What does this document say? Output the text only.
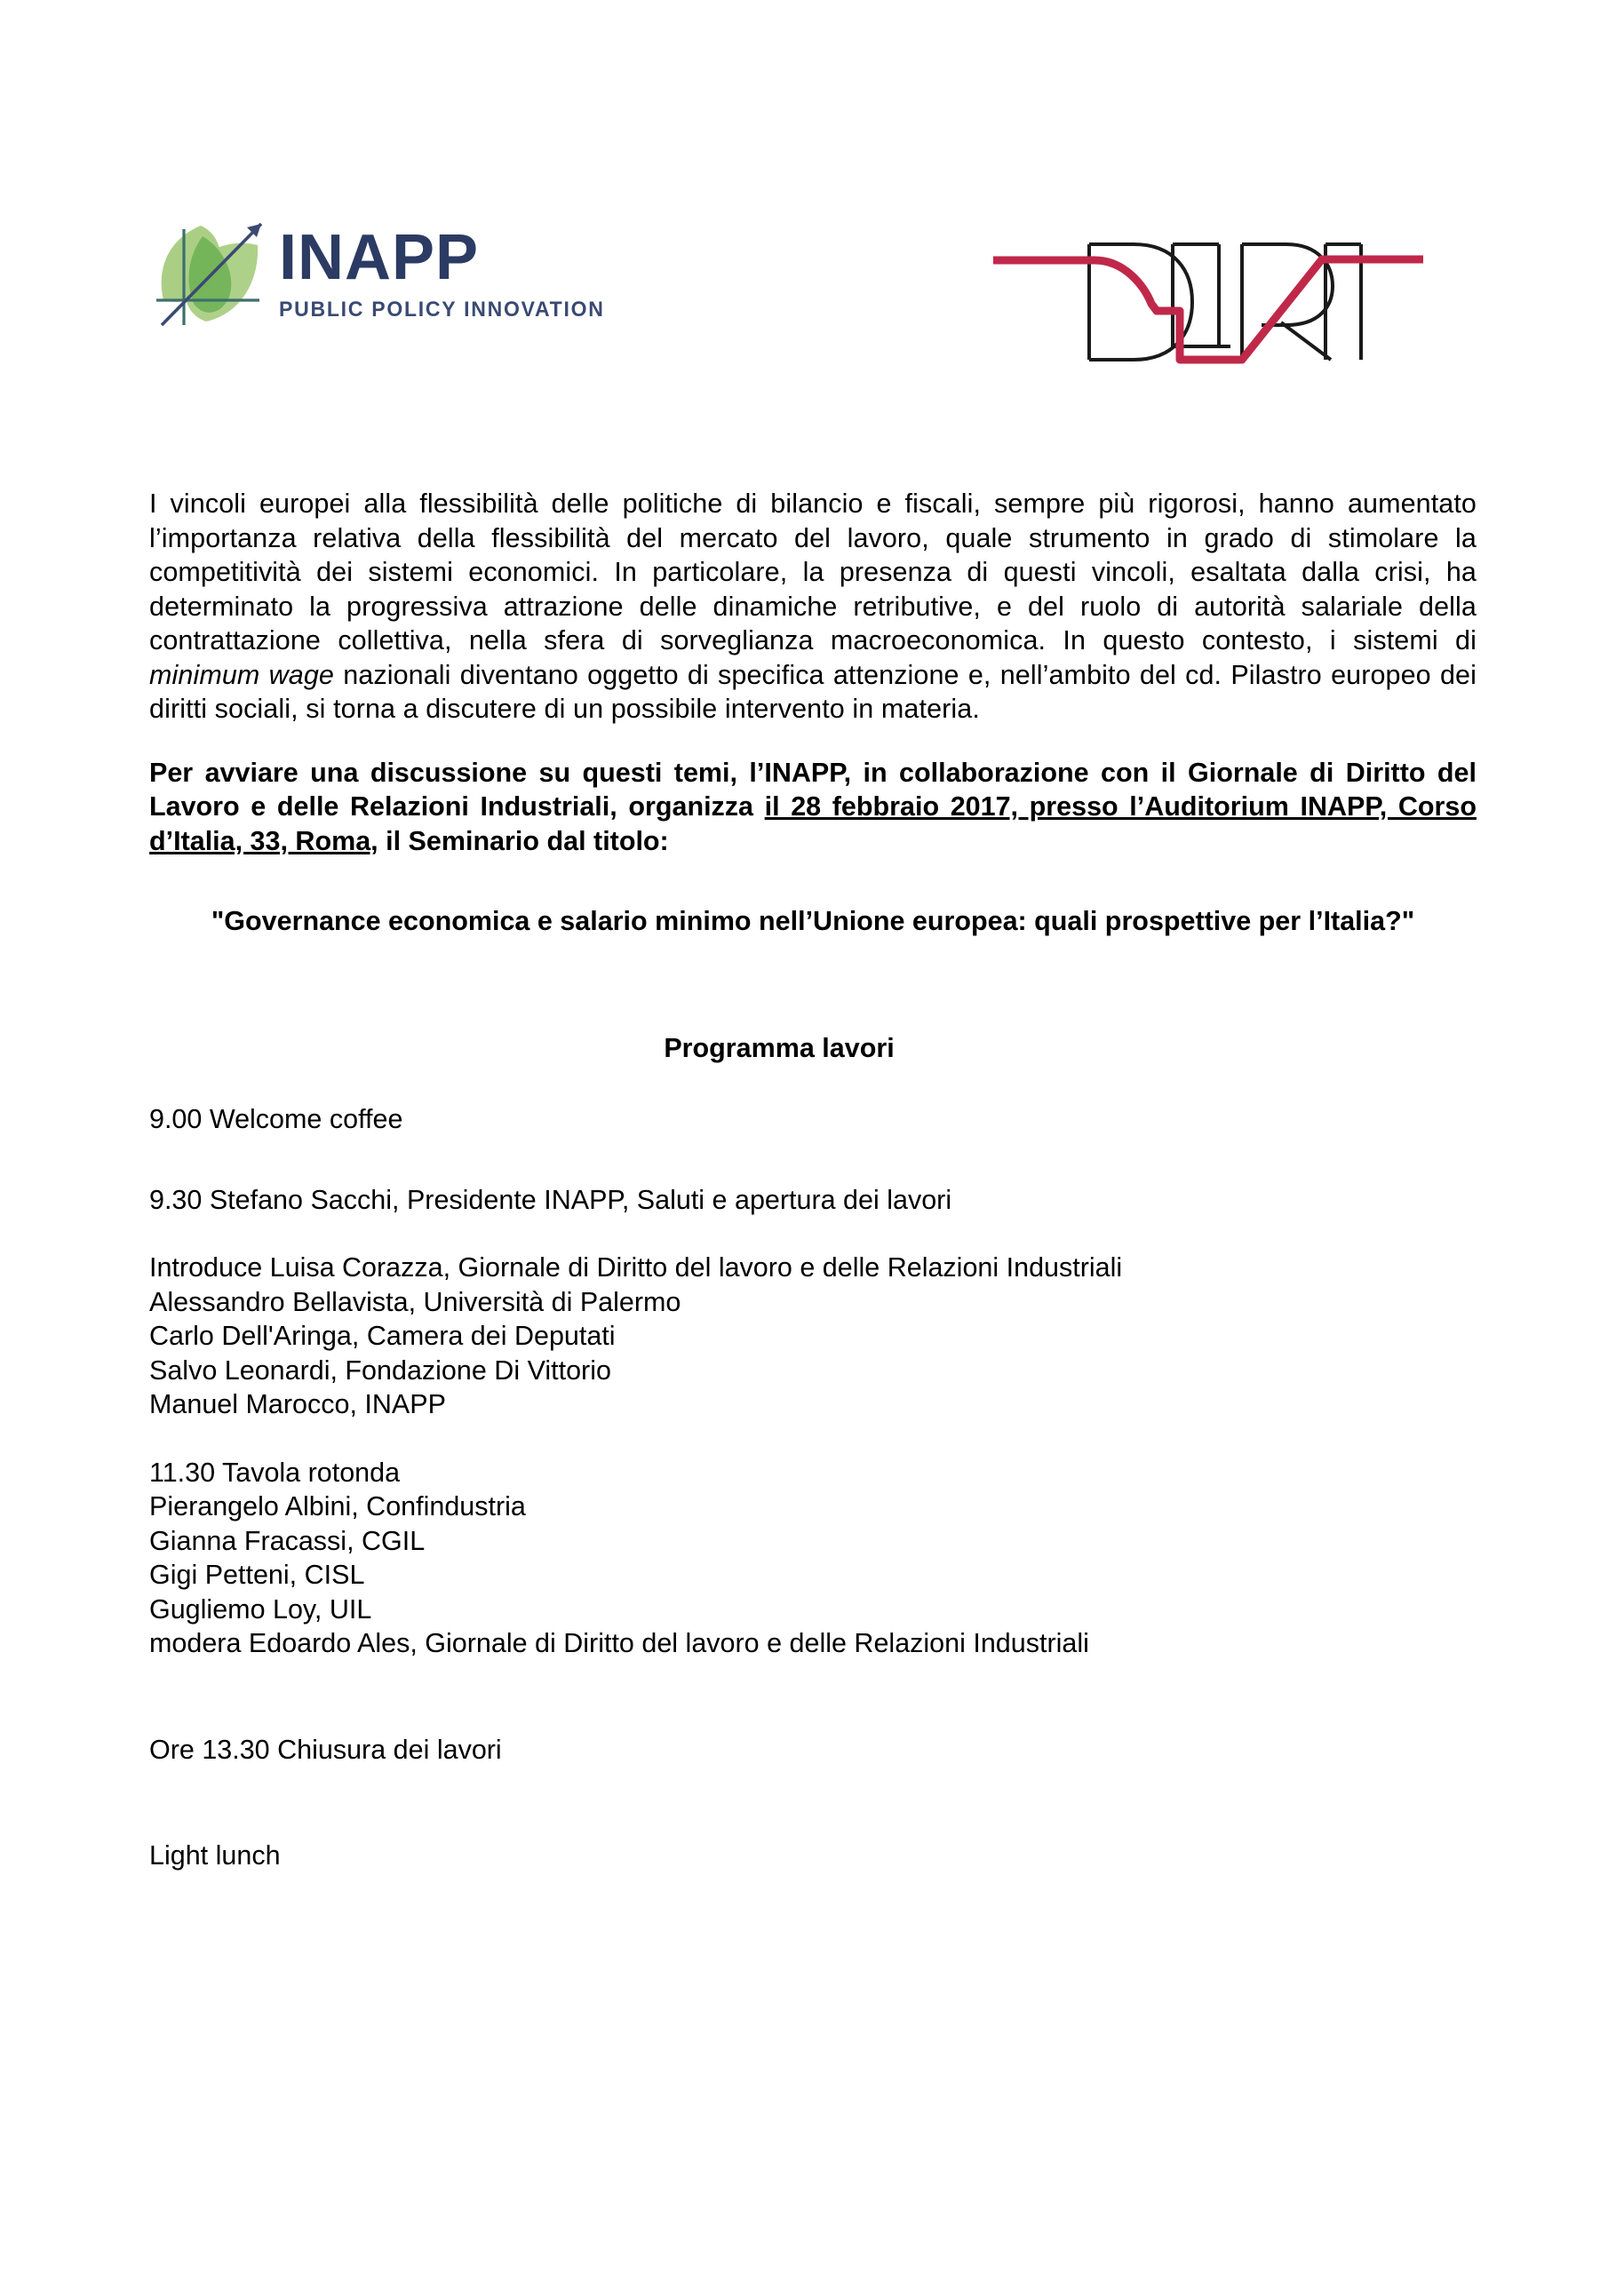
INAPP
PUBLIC POLICY INNOVATION

I vincoli europei alla flessibilità delle politiche di bilancio e fiscali, sempre più rigorosi, hanno aumentato l’importanza relativa della flessibilità del mercato del lavoro, quale strumento in grado di stimolare la competitività dei sistemi economici. In particolare, la presenza di questi vincoli, esaltata dalla crisi, ha determinato la progressiva attrazione delle dinamiche retributive, e del ruolo di autorità salariale della contrattazione collettiva, nella sfera di sorveglianza macroeconomica. In questo contesto, i sistemi di minimum wage nazionali diventano oggetto di specifica attenzione e, nell’ambito del cd. Pilastro europeo dei diritti sociali, si torna a discutere di un possibile intervento in materia.

Per avviare una discussione su questi temi, l’INAPP, in collaborazione con il Giornale di Diritto del Lavoro e delle Relazioni Industriali, organizza il 28 febbraio 2017, presso l’Auditorium INAPP, Corso d’Italia, 33, Roma, il Seminario dal titolo:

"Governance economica e salario minimo nell’Unione europea: quali prospettive per l’Italia?"

Programma lavori

9.00 Welcome coffee

9.30 Stefano Sacchi, Presidente INAPP, Saluti e apertura dei lavori

Introduce Luisa Corazza, Giornale di Diritto del lavoro e delle Relazioni Industriali

Alessandro Bellavista, Università di Palermo

Carlo Dell'Aringa, Camera dei Deputati

Salvo Leonardi, Fondazione Di Vittorio

Manuel Marocco, INAPP

11.30 Tavola rotonda

Pierangelo Albini, Confindustria

Gianna Fracassi, CGIL

Gigi Petteni, CISL

Gugliemo Loy, UIL

modera Edoardo Ales, Giornale di Diritto del lavoro e delle Relazioni Industriali

Ore 13.30 Chiusura dei lavori

Light lunch
